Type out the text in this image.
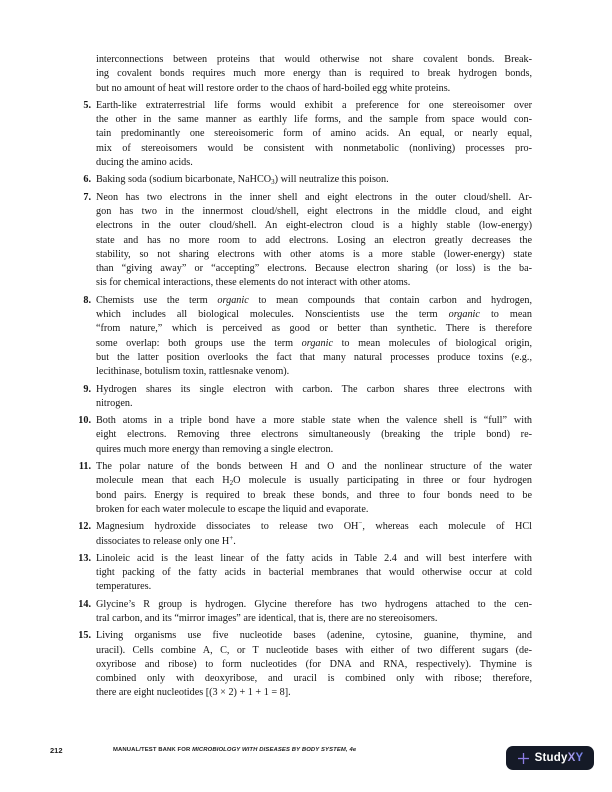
interconnections between proteins that would otherwise not share covalent bonds. Break-
ing covalent bonds requires much more energy than is required to break hydrogen bonds,
but no amount of heat will restore order to the chaos of hard-boiled egg white proteins.
5. Earth-like extraterrestrial life forms would exhibit a preference for one stereoisomer over
the other in the same manner as earthly life forms, and the sample from space would con-
tain predominantly one stereoisomeric form of amino acids. An equal, or nearly equal,
mix of stereoisomers would be consistent with nonmetabolic (nonliving) processes pro-
ducing the amino acids.
6. Baking soda (sodium bicarbonate, NaHCO$_3$) will neutralize this poison.
7. Neon has two electrons in the inner shell and eight electrons in the outer cloud/shell. Ar-
gon has two in the innermost cloud/shell, eight electrons in the middle cloud, and eight
electrons in the outer cloud/shell. An eight-electron cloud is a highly stable (low-energy)
state and has no more room to add electrons. Losing an electron greatly decreases the
stability, so not sharing electrons with other atoms is a more stable (lower-energy) state
than “giving away” or “accepting” electrons. Because electron sharing (or loss) is the ba-
sis for chemical interactions, these elements do not interact with other atoms.
8. Chemists use the term organic to mean compounds that contain carbon and hydrogen,
which includes all biological molecules. Nonscientists use the term organic to mean
“from nature,” which is perceived as good or better than synthetic. There is therefore
some overlap: both groups use the term organic to mean molecules of biological origin,
but the latter position overlooks the fact that many natural processes produce toxins (e.g.,
lecithinase, botulism toxin, rattlesnake venom).
9. Hydrogen shares its single electron with carbon. The carbon shares three electrons with
nitrogen.
10. Both atoms in a triple bond have a more stable state when the valence shell is “full” with
eight electrons. Removing three electrons simultaneously (breaking the triple bond) re-
quires much more energy than removing a single electron.
11. The polar nature of the bonds between H and O and the nonlinear structure of the water
molecule mean that each $H_2O$ molecule is usually participating in three or four hydrogen
bond pairs. Energy is required to break these bonds, and three to four bonds need to be
broken for each water molecule to escape the liquid and evaporate.
12. Magnesium hydroxide dissociates to release two OH−, whereas each molecule of HCl
dissociates to release only one H+.
13. Linoleic acid is the least linear of the fatty acids in Table 2.4 and will best interfere with
tight packing of the fatty acids in bacterial membranes that would otherwise occur at cold
temperatures.
14. Glycine’s R group is hydrogen. Glycine therefore has two hydrogens attached to the cen-
tral carbon, and its “mirror images” are identical, that is, there are no stereoisomers.
15. Living organisms use five nucleotide bases (adenine, cytosine, guanine, thymine, and
uracil). Cells combine A, C, or T nucleotide bases with either of two different sugars (de-
oxyribose and ribose) to form nucleotides (for DNA and RNA, respectively). Thymine is
combined only with deoxyribose, and uracil is combined only with ribose; therefore,
there are eight nucleotides [(3 × 2) + 1 + 1 = 8].
212	MANUAL/TEST BANK FOR MICROBIOLOGY WITH DISEASES BY BODY SYSTEM, 4e
StudyXY
